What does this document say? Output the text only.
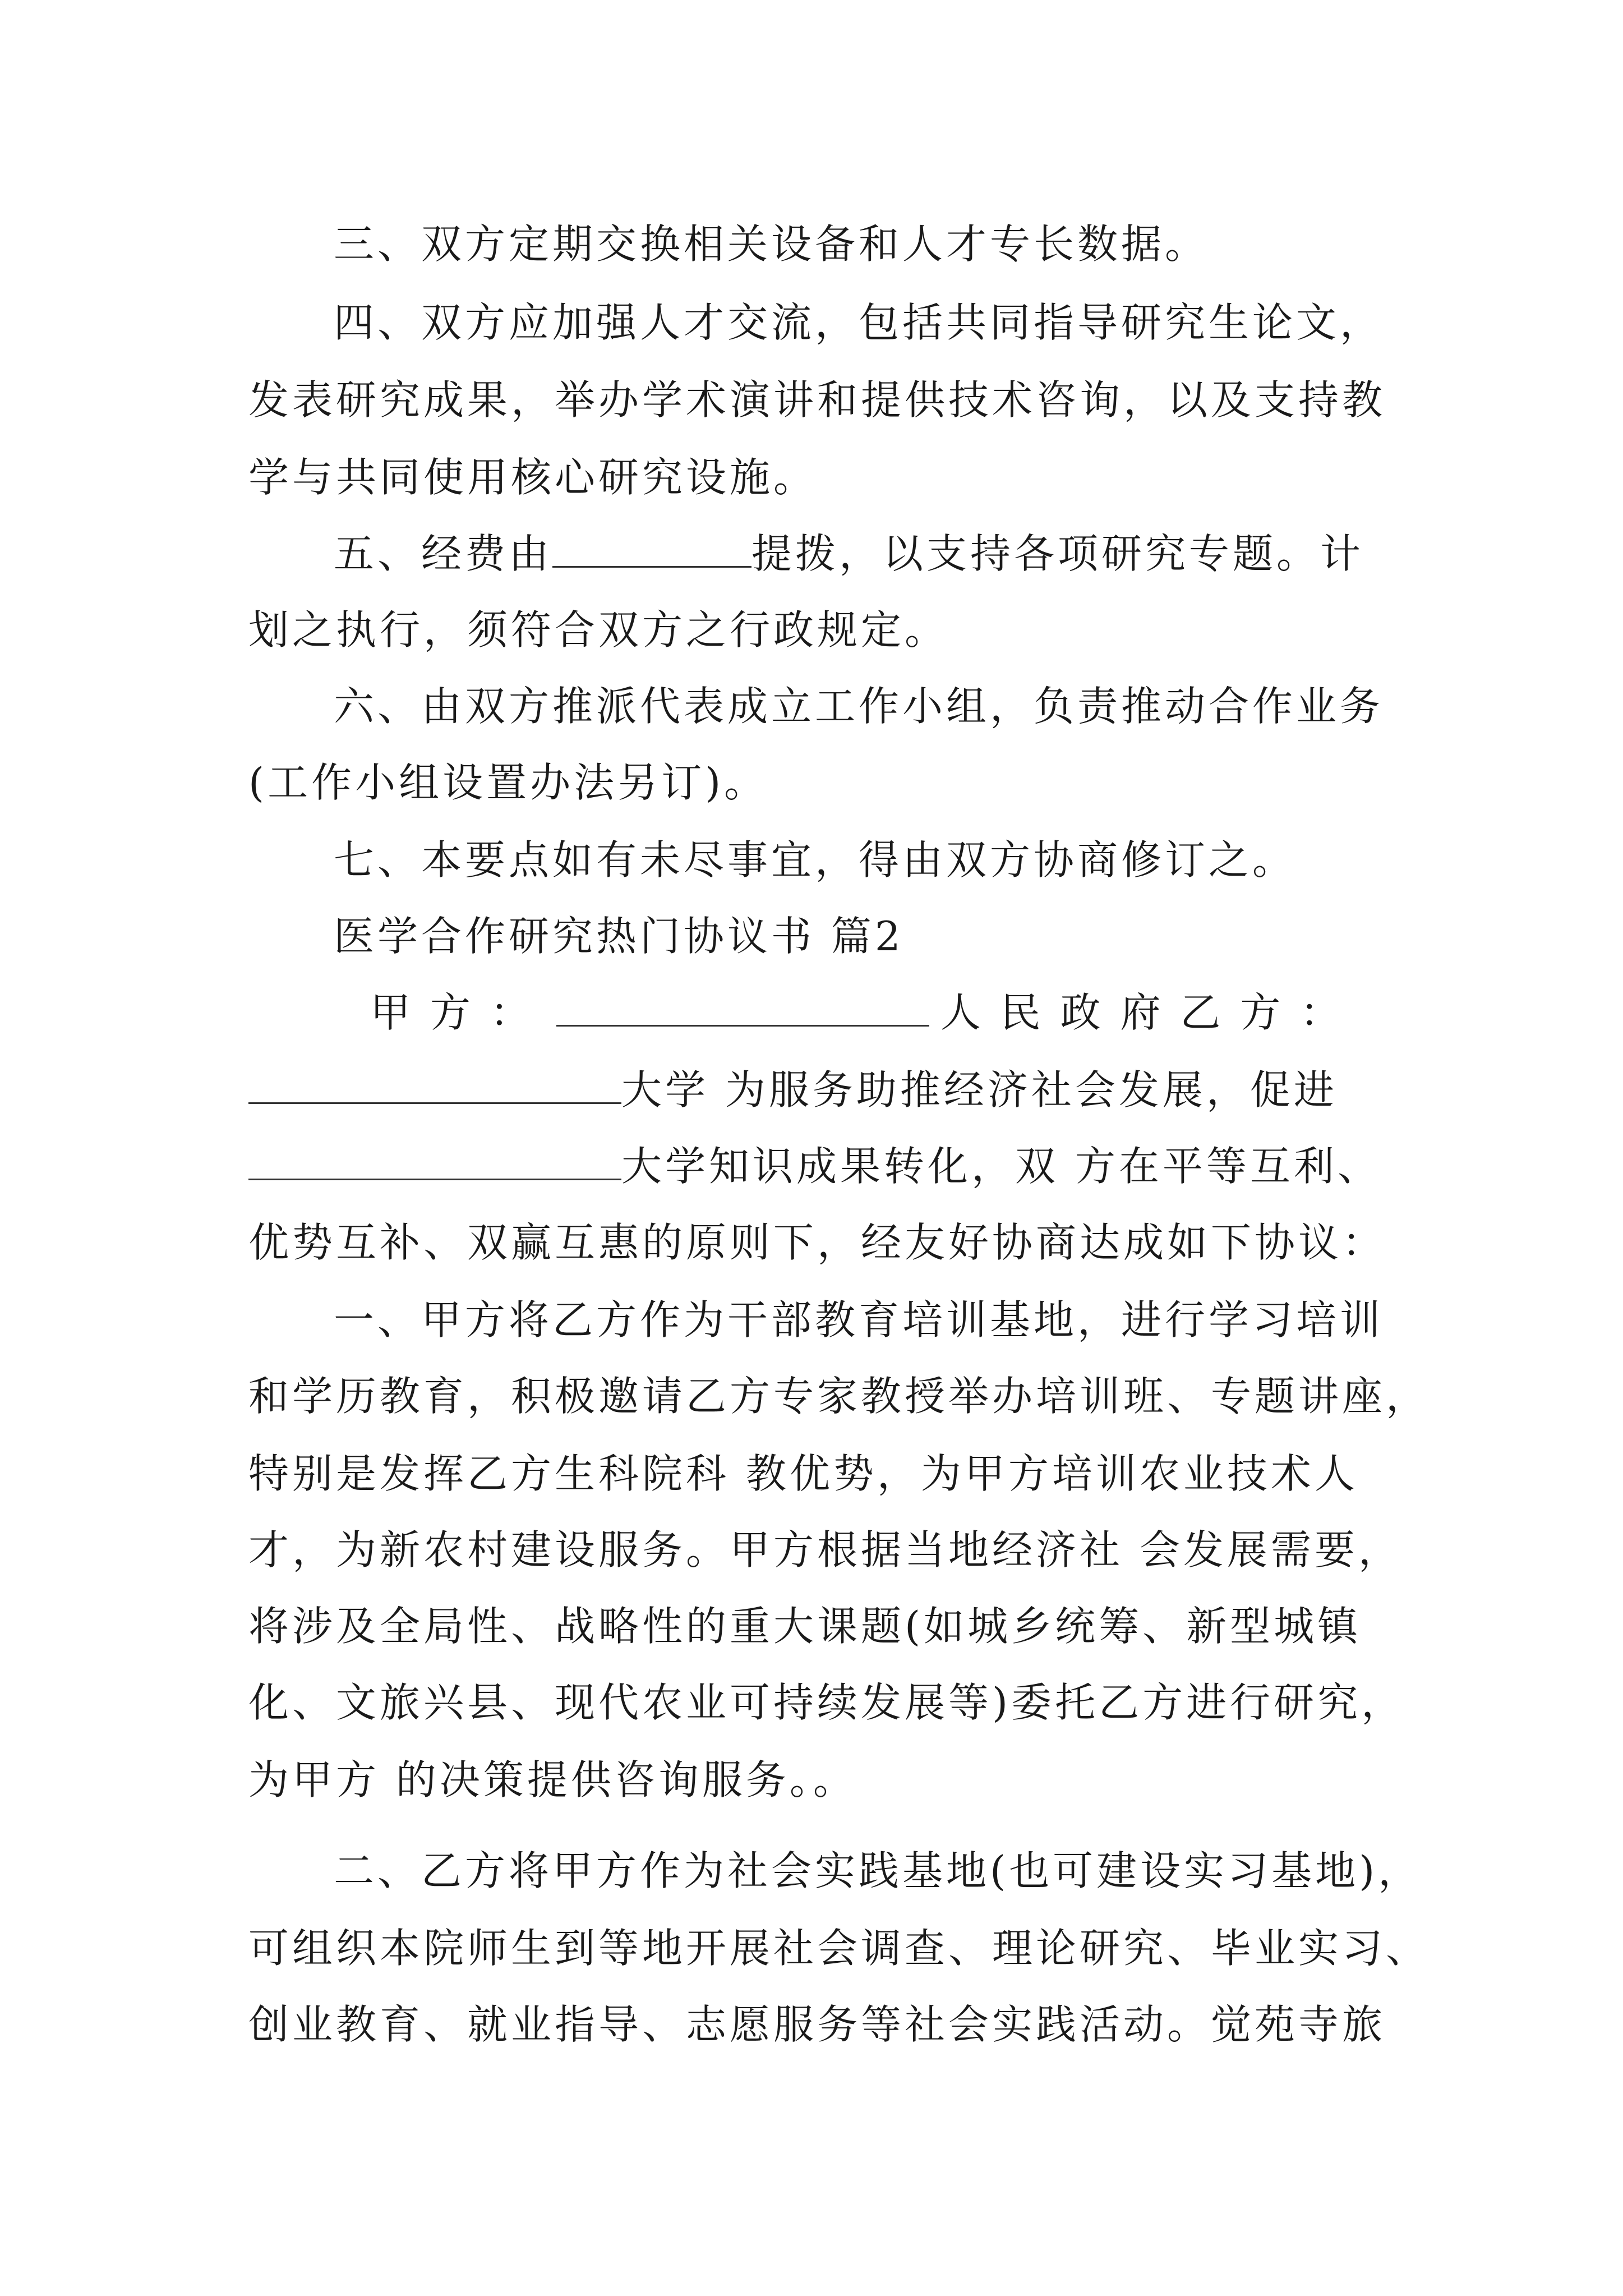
三、双方定期交换相关设备和人才专长数据。
四、双方应加强人才交流，包括共同指导研究生论文，
发表研究成果，举办学术演讲和提供技术咨询，以及支持教
学与共同使用核心研究设施。
五、经费由	提拨，以支持各项研究专题。计
划之执行，须符合双方之行政规定。
六、由双方推派代表成立工作小组，负责推动合作业务
(工作小组设置办法另订)。
七、本要点如有未尽事宜，得由双方协商修订之。
医学合作研究热门协议书 篇2
甲 方 ：	人 民 政 府 乙 方 ：
大学 为服务助推经济社会发展，促进
大学知识成果转化，双 方在平等互利、
优势互补、双赢互惠的原则下，经友好协商达成如下协议：
一、甲方将乙方作为干部教育培训基地，进行学习培训
和学历教育，积极邀请乙方专家教授举办培训班、专题讲座，
特别是发挥乙方生科院科 教优势，为甲方培训农业技术人
才，为新农村建设服务。甲方根据当地经济社 会发展需要，
将涉及全局性、战略性的重大课题(如城乡统筹、新型城镇
化、文旅兴县、现代农业可持续发展等)委托乙方进行研究，
为甲方 的决策提供咨询服务。。
二、乙方将甲方作为社会实践基地(也可建设实习基地)，
可组织本院师生到等地开展社会调查、理论研究、毕业实习、
创业教育、就业指导、志愿服务等社会实践活动。觉苑寺旅
